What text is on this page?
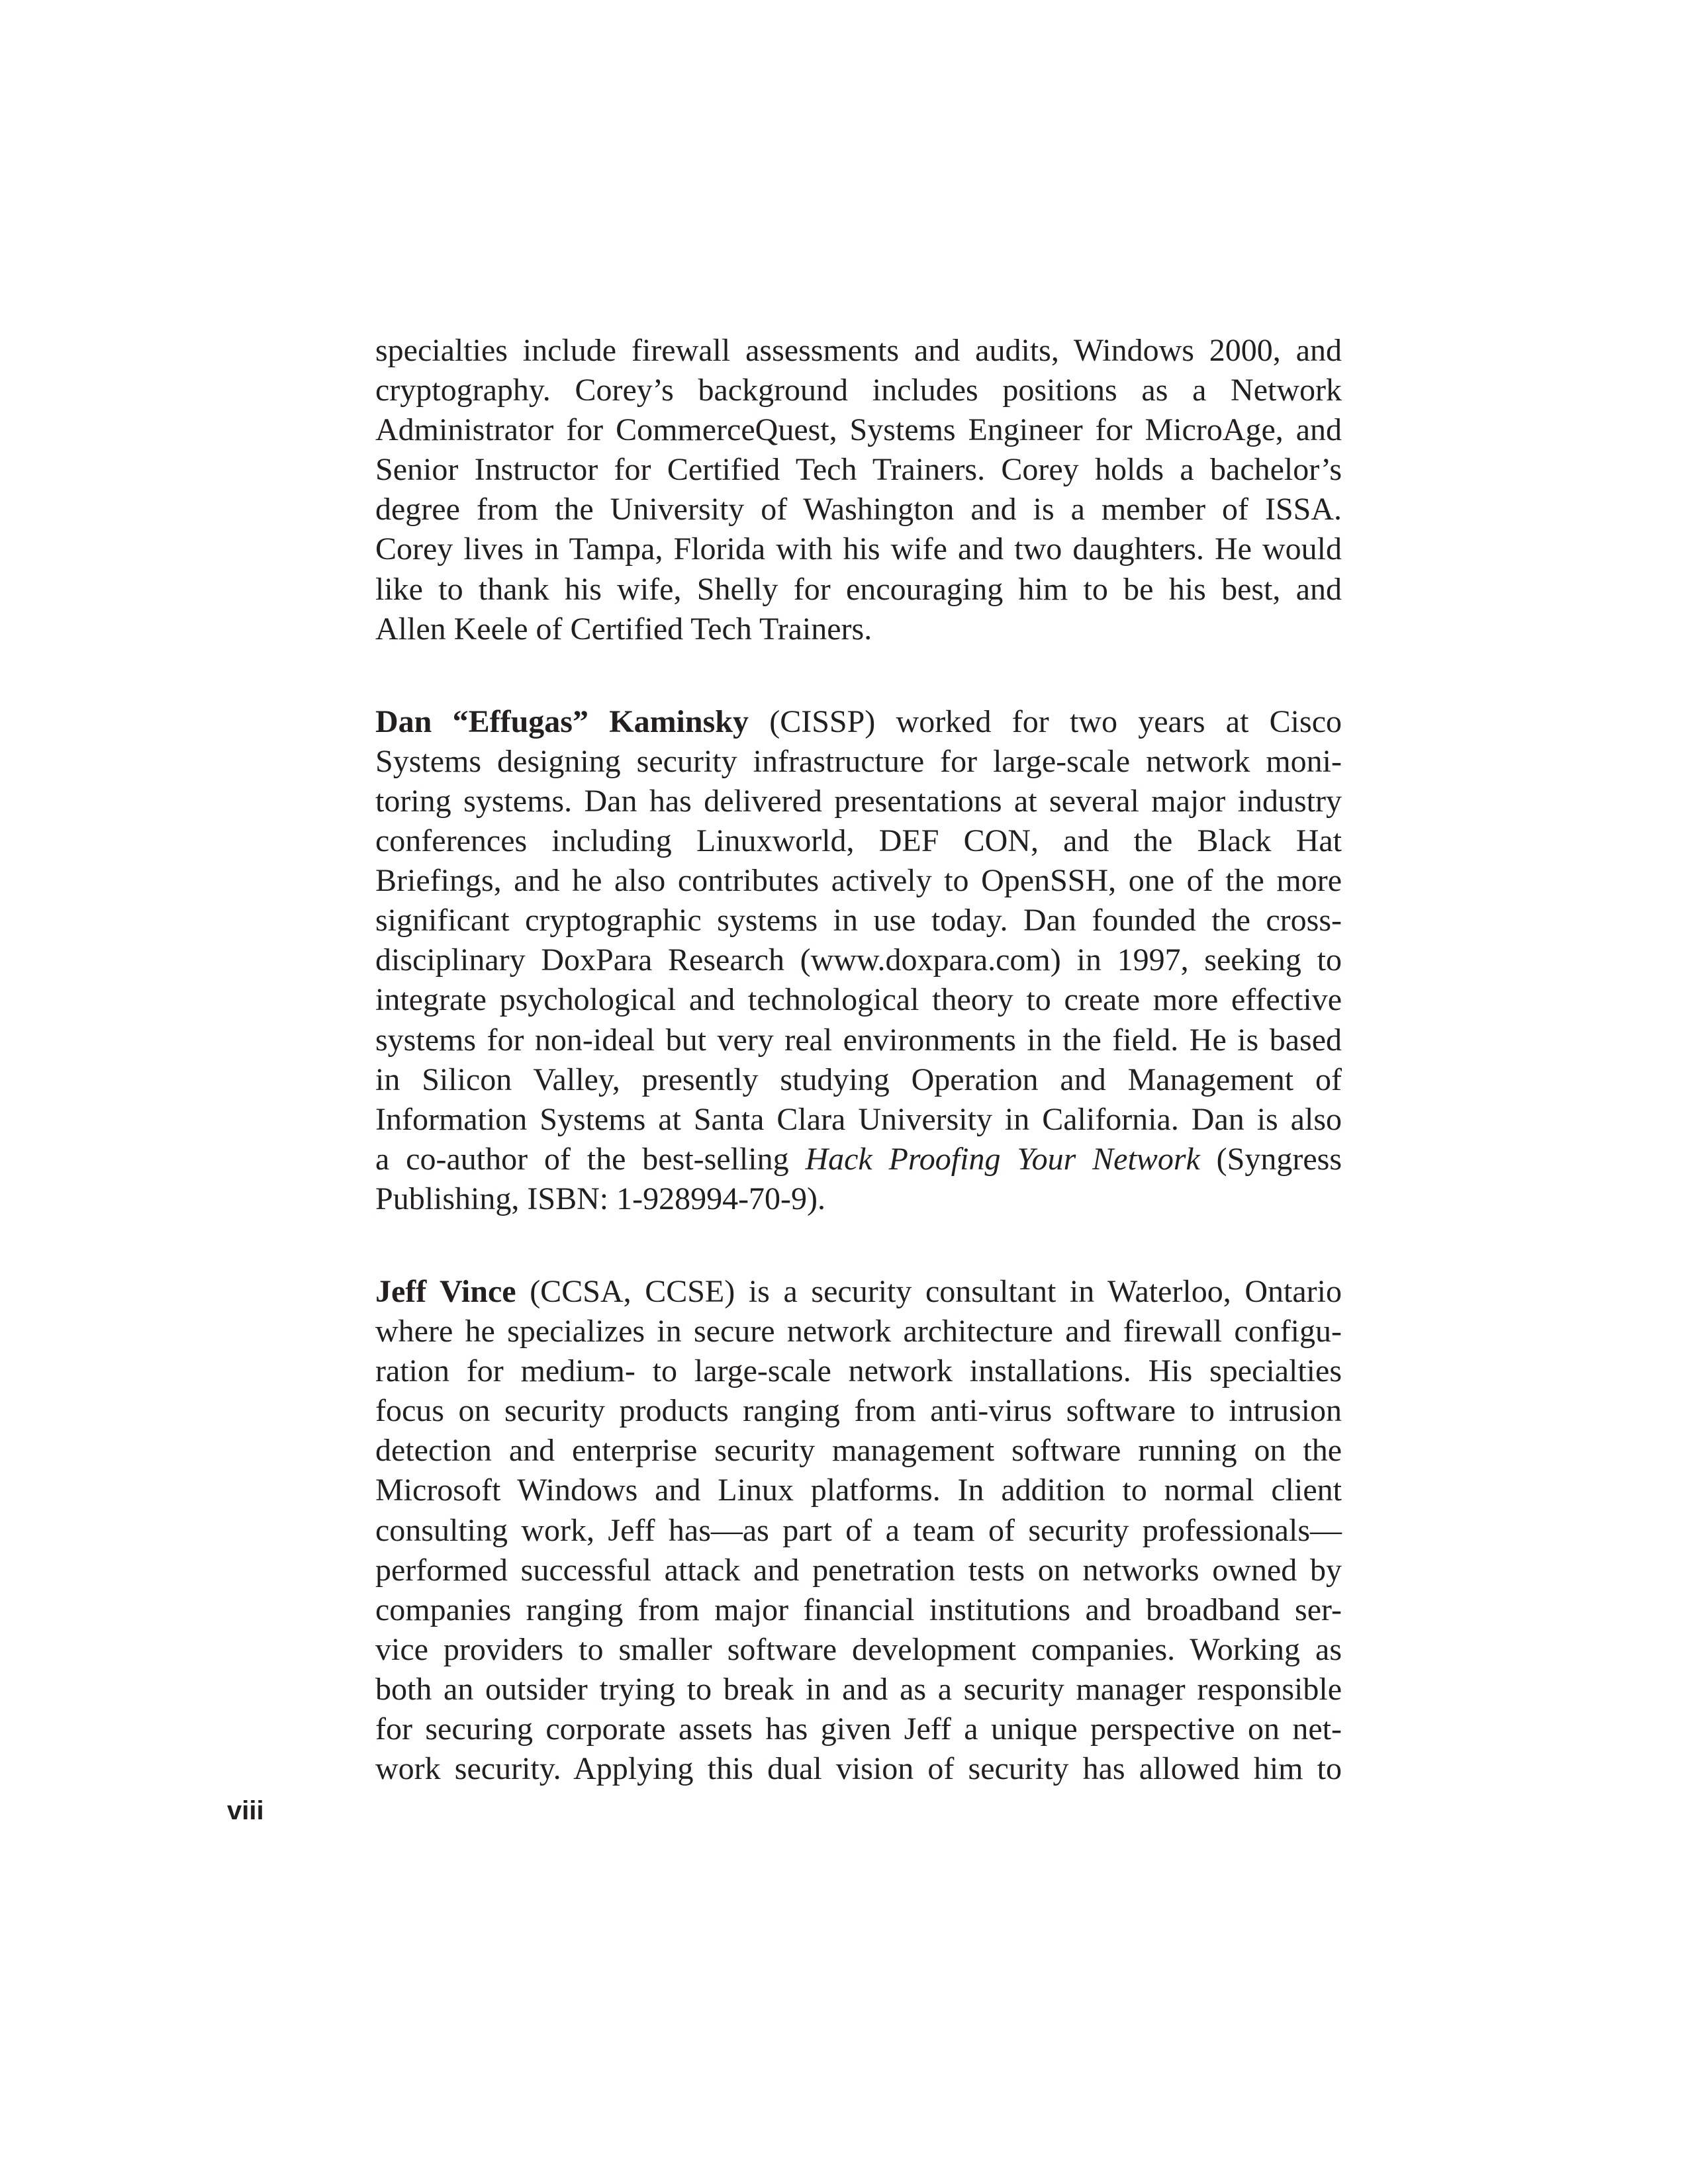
specialties include firewall assessments and audits, Windows 2000, and
cryptography. Corey’s background includes positions as a Network
Administrator for CommerceQuest, Systems Engineer for MicroAge, and
Senior Instructor for Certified Tech Trainers. Corey holds a bachelor’s
degree from the University of Washington and is a member of ISSA.
Corey lives in Tampa, Florida with his wife and two daughters. He would
like to thank his wife, Shelly for encouraging him to be his best, and
Allen Keele of Certified Tech Trainers.

Dan “Effugas” Kaminsky (CISSP) worked for two years at Cisco
Systems designing security infrastructure for large-scale network moni-
toring systems. Dan has delivered presentations at several major industry
conferences including Linuxworld, DEF CON, and the Black Hat
Briefings, and he also contributes actively to OpenSSH, one of the more
significant cryptographic systems in use today. Dan founded the cross-
disciplinary DoxPara Research (www.doxpara.com) in 1997, seeking to
integrate psychological and technological theory to create more effective
systems for non-ideal but very real environments in the field. He is based
in Silicon Valley, presently studying Operation and Management of
Information Systems at Santa Clara University in California. Dan is also
a co-author of the best-selling Hack Proofing Your Network (Syngress
Publishing, ISBN: 1-928994-70-9).

Jeff Vince (CCSA, CCSE) is a security consultant in Waterloo, Ontario
where he specializes in secure network architecture and firewall configu-
ration for medium- to large-scale network installations. His specialties
focus on security products ranging from anti-virus software to intrusion
detection and enterprise security management software running on the
Microsoft Windows and Linux platforms. In addition to normal client
consulting work, Jeff has—as part of a team of security professionals—
performed successful attack and penetration tests on networks owned by
companies ranging from major financial institutions and broadband ser-
vice providers to smaller software development companies. Working as
both an outsider trying to break in and as a security manager responsible
for securing corporate assets has given Jeff a unique perspective on net-
work security. Applying this dual vision of security has allowed him to

viii
